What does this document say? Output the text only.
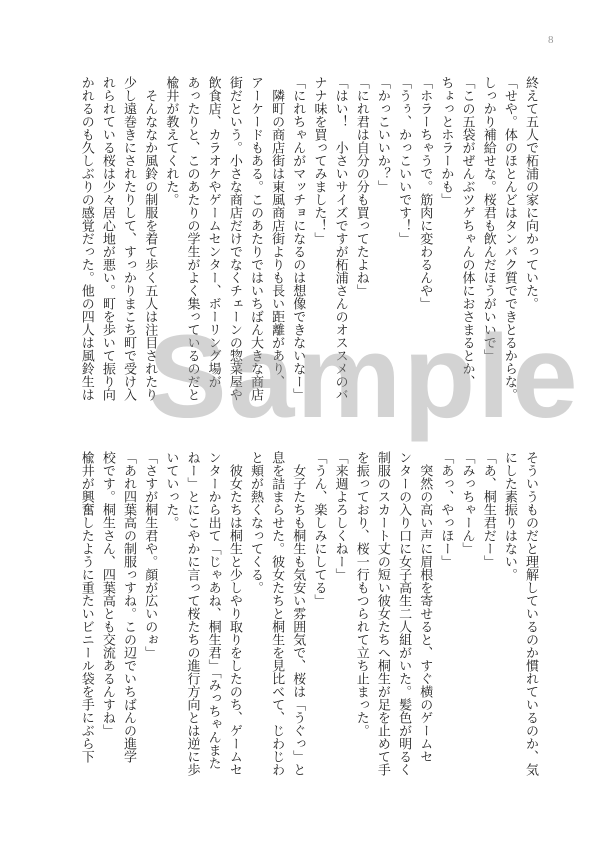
8
終えて五人で柘浦の家に向かっていた。
「せや。体のほとんどはタンパク質でできとるからな。
しっかり補給せな。桜君も飲んだほうがいいで」
「この五袋がぜんぶツゲちゃんの体におさまるとか、
ちょっとホラーかも」
「ホラーちゃうで。筋肉に変わるんや」
「うぅ、かっこいいです！」
「かっこいいか？」
「にれ君は自分の分も買ってたよね」
「はい！　小さいサイズですが柘浦さんのオススメのバ
ナナ味を買ってみました！」
「にれちゃんがマッチョになるのは想像できないなー」
　隣町の商店街は東風商店街よりも長い距離があり、
アーケードもある。このあたりではいちばん大きな商店
街だという。小さな商店だけでなくチェーンの惣菜屋や
飲食店、カラオケやゲームセンター、ボーリング場が
あったりと、このあたりの学生がよく集っているのだと
楡井が教えてくれた。
　そんななか風鈴の制服を着て歩く五人は注目されたり
少し遠巻きにされたりして、すっかりまこち町で受け入
れられている桜は少々居心地が悪い。町を歩いて振り向
かれるのも久しぶりの感覚だった。他の四人は風鈴生は
そういうものだと理解しているのか慣れているのか、気
にした素振りはない。
「あ、桐生君だー」
「みっちゃーん」
「あっ、やっほー」
　突然の高い声に眉根を寄せると、すぐ横のゲームセ
ンターの入り口に女子高生二人組がいた。髪色が明るく
制服のスカート丈の短い彼女たちへ桐生が足を止めて手
を振っており、桜一行もつられて立ち止まった。
「来週よろしくねー」
「うん、楽しみにしてる」
　女子たちも桐生も気安い雰囲気で、桜は「うぐっ」と
息を詰まらせた。彼女たちと桐生を見比べて、じわじわ
と頬が熱くなってくる。
　彼女たちは桐生と少しやり取りをしたのち、ゲームセ
ンターから出て「じゃあね、桐生君」「みっちゃんまた
ねー」とにこやかに言って桜たちの進行方向とは逆に歩
いていった。
「さすが桐生君や。顔が広いのぉ」
「あれ四葉高の制服っすね。この辺でいちばんの進学
校です。桐生さん、四葉高とも交流あるんすね」
楡井が興奮したように重たいビニール袋を手にぶら下
Sample
